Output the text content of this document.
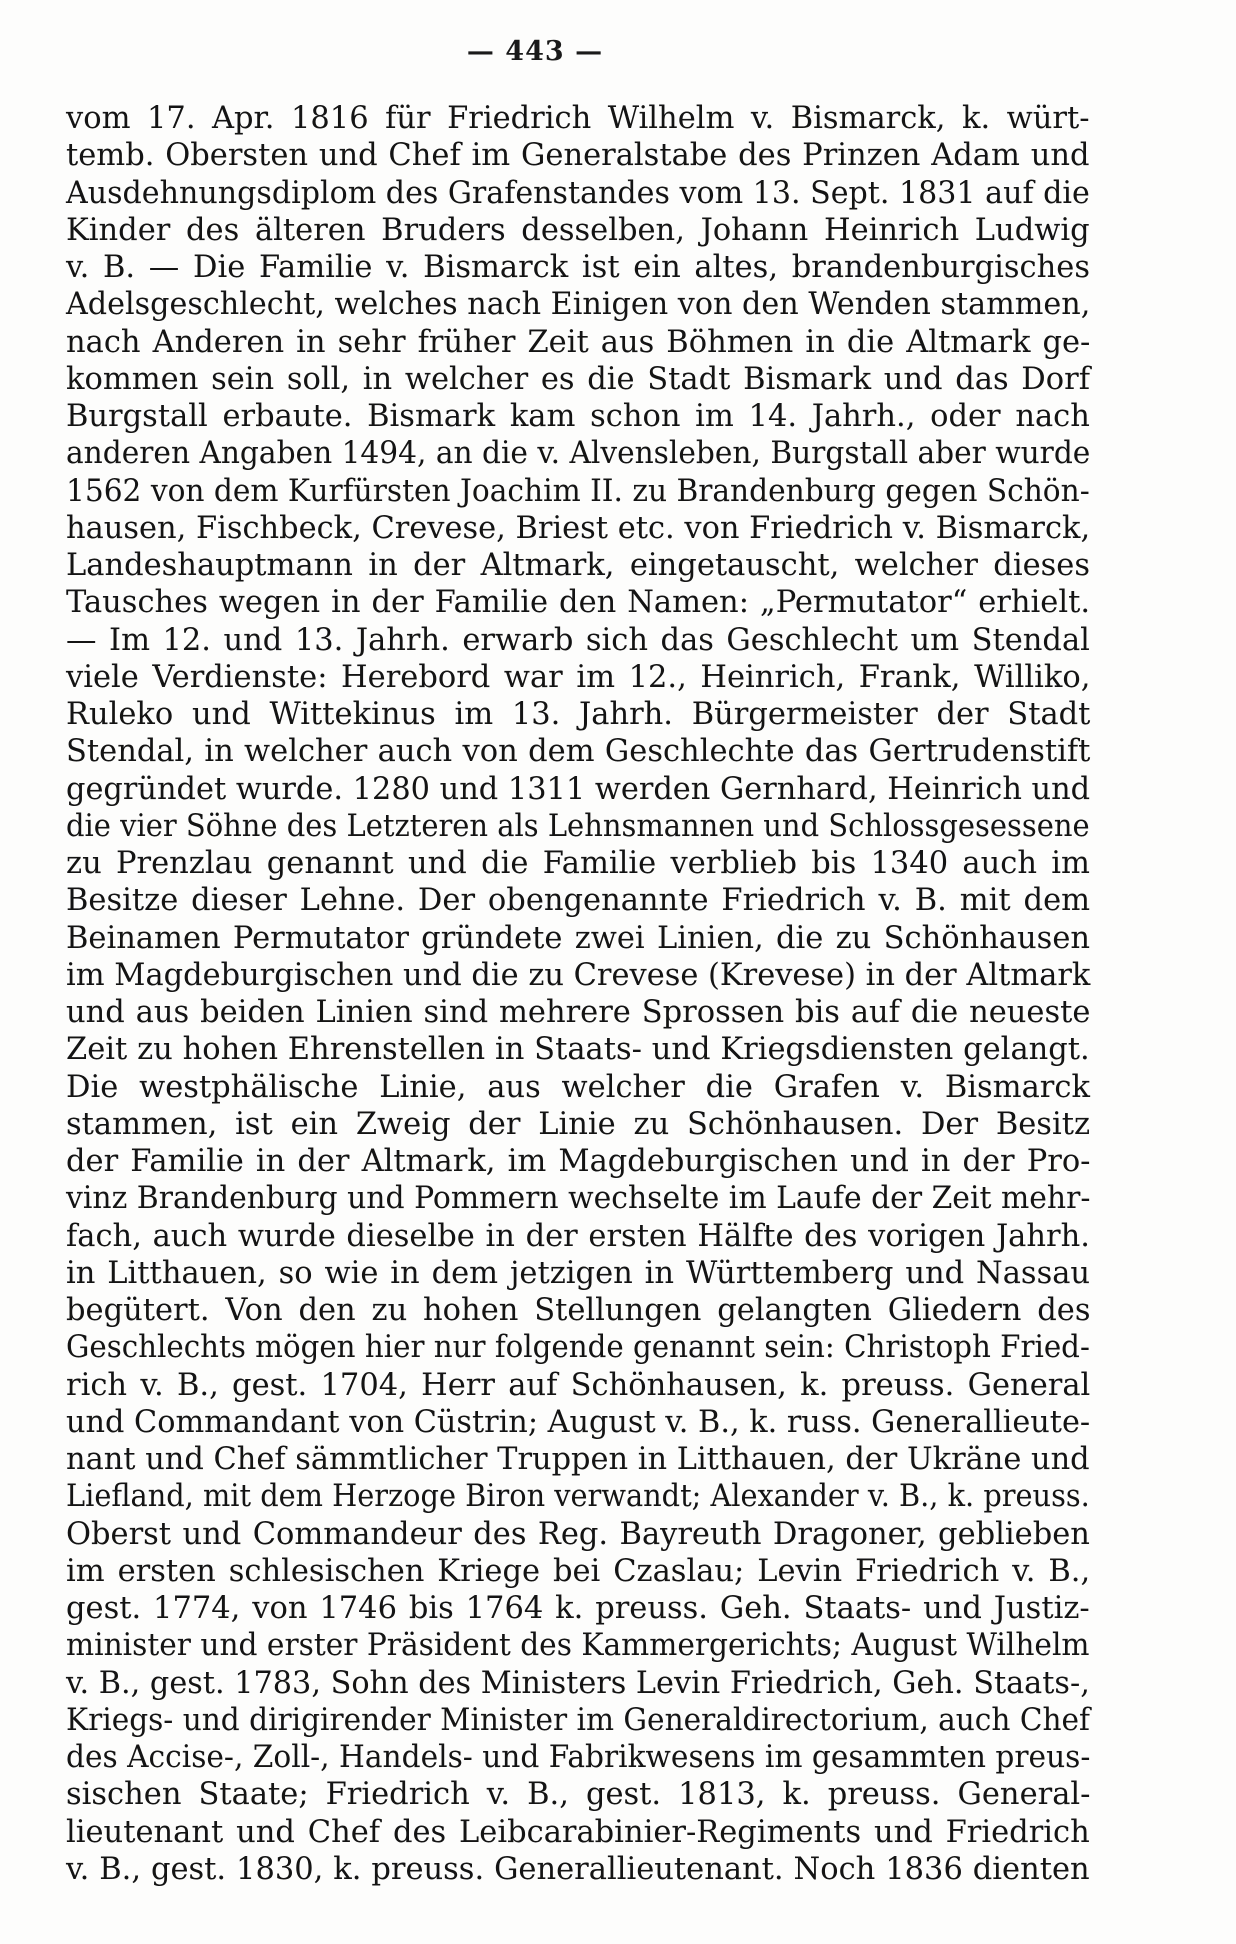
— 443 —
vom 17. Apr. 1816 für Friedrich Wilhelm v. Bismarck, k. würt-
temb. Obersten und Chef im Generalstabe des Prinzen Adam und
Ausdehnungsdiplom des Grafenstandes vom 13. Sept. 1831 auf die
Kinder des älteren Bruders desselben, Johann Heinrich Ludwig
v. B. — Die Familie v. Bismarck ist ein altes, brandenburgisches
Adelsgeschlecht, welches nach Einigen von den Wenden stammen,
nach Anderen in sehr früher Zeit aus Böhmen in die Altmark ge-
kommen sein soll, in welcher es die Stadt Bismark und das Dorf
Burgstall erbaute. Bismark kam schon im 14. Jahrh., oder nach
anderen Angaben 1494, an die v. Alvensleben, Burgstall aber wurde
1562 von dem Kurfürsten Joachim II. zu Brandenburg gegen Schön-
hausen, Fischbeck, Crevese, Briest etc. von Friedrich v. Bismarck,
Landeshauptmann in der Altmark, eingetauscht, welcher dieses
Tausches wegen in der Familie den Namen: „Permutator“ erhielt.
— Im 12. und 13. Jahrh. erwarb sich das Geschlecht um Stendal
viele Verdienste: Herebord war im 12., Heinrich, Frank, Williko,
Ruleko und Wittekinus im 13. Jahrh. Bürgermeister der Stadt
Stendal, in welcher auch von dem Geschlechte das Gertrudenstift
gegründet wurde. 1280 und 1311 werden Gernhard, Heinrich und
die vier Söhne des Letzteren als Lehnsmannen und Schlossgesessene
zu Prenzlau genannt und die Familie verblieb bis 1340 auch im
Besitze dieser Lehne. Der obengenannte Friedrich v. B. mit dem
Beinamen Permutator gründete zwei Linien, die zu Schönhausen
im Magdeburgischen und die zu Crevese (Krevese) in der Altmark
und aus beiden Linien sind mehrere Sprossen bis auf die neueste
Zeit zu hohen Ehrenstellen in Staats- und Kriegsdiensten gelangt.
Die westphälische Linie, aus welcher die Grafen v. Bismarck
stammen, ist ein Zweig der Linie zu Schönhausen. Der Besitz
der Familie in der Altmark, im Magdeburgischen und in der Pro-
vinz Brandenburg und Pommern wechselte im Laufe der Zeit mehr-
fach, auch wurde dieselbe in der ersten Hälfte des vorigen Jahrh.
in Litthauen, so wie in dem jetzigen in Württemberg und Nassau
begütert. Von den zu hohen Stellungen gelangten Gliedern des
Geschlechts mögen hier nur folgende genannt sein: Christoph Fried-
rich v. B., gest. 1704, Herr auf Schönhausen, k. preuss. General
und Commandant von Cüstrin; August v. B., k. russ. Generallieute-
nant und Chef sämmtlicher Truppen in Litthauen, der Ukräne und
Liefland, mit dem Herzoge Biron verwandt; Alexander v. B., k. preuss.
Oberst und Commandeur des Reg. Bayreuth Dragoner, geblieben
im ersten schlesischen Kriege bei Czaslau; Levin Friedrich v. B.,
gest. 1774, von 1746 bis 1764 k. preuss. Geh. Staats- und Justiz-
minister und erster Präsident des Kammergerichts; August Wilhelm
v. B., gest. 1783, Sohn des Ministers Levin Friedrich, Geh. Staats-,
Kriegs- und dirigirender Minister im Generaldirectorium, auch Chef
des Accise-, Zoll-, Handels- und Fabrikwesens im gesammten preus-
sischen Staate; Friedrich v. B., gest. 1813, k. preuss. General-
lieutenant und Chef des Leibcarabinier-Regiments und Friedrich
v. B., gest. 1830, k. preuss. Generallieutenant. Noch 1836 dienten
